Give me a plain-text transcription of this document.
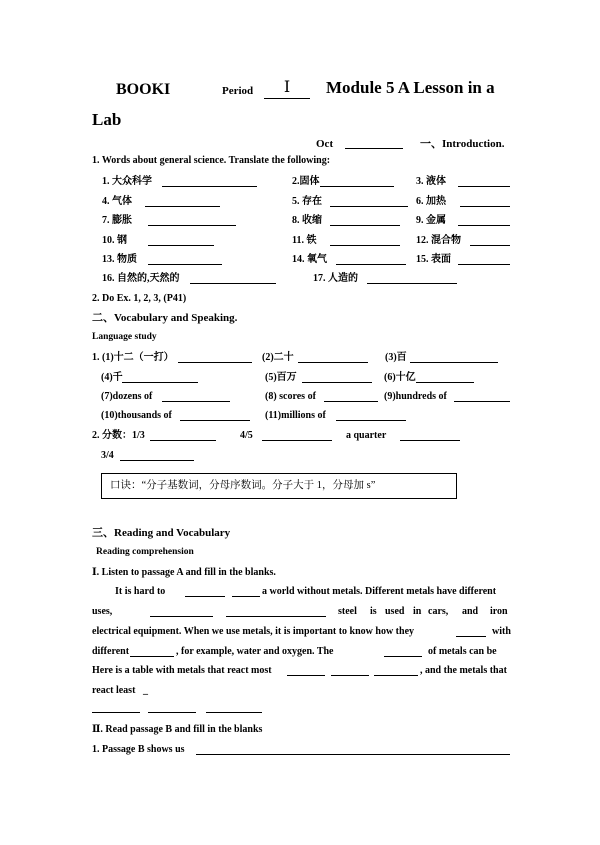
BOOKI	Period	Ⅰ	Module 5 A Lesson in a
Lab
Oct	一、Introduction.
1. Words about general science. Translate the following:
1. 大众科学	2.固体	3. 液体
4. 气体	5. 存在	6. 加热
7. 膨胀	8. 收缩	9. 金属
10. 钢	11. 铁	12. 混合物
13. 物质	14. 氧气	15. 表面
16. 自然的,天然的	17. 人造的
2. Do Ex. 1, 2, 3, (P41)
二、Vocabulary and Speaking.
Language study
1. (1)十二（一打）	(2)二十	(3)百
(4)千	(5)百万	(6)十亿
(7)dozens of	(8) scores of	(9)hundreds of
(10)thousands of	(11)millions of
2. 分数：1/3	4/5	a quarter
3/4
口诀：“分子基数词，分母序数词。分子大于 1，分母加 s”
三、Reading and Vocabulary
Reading comprehension
Ⅰ. Listen to passage A and fill in the blanks.
It is hard to	a world without metals. Different metals have different
uses,	steel is used in cars, and iron
electrical equipment. When we use metals, it is important to know how they	with
different	, for example, water and oxygen. The	of metals can be
Here is a table with metals that react most	, and the metals that
react least _
Ⅱ. Read passage B and fill in the blanks
1. Passage B shows us
